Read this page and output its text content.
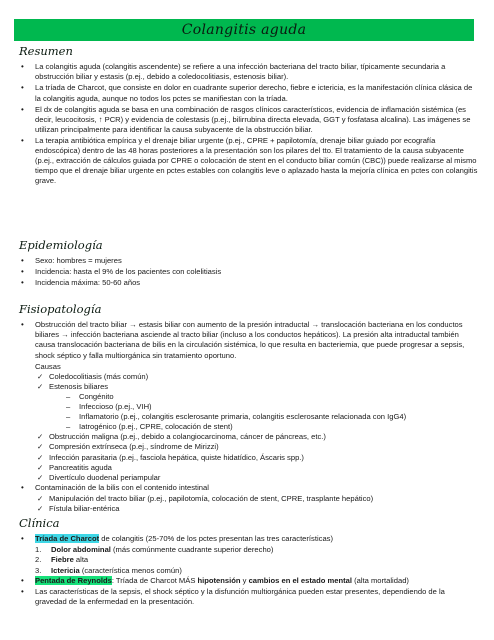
Colangitis aguda
Resumen
• La colangitis aguda (colangitis ascendente) se refiere a una infección bacteriana del tracto biliar, típicamente secundaria a obstrucción biliar y estasis (p.ej., debido a coledocolitiasis, estenosis biliar).
• La tríada de Charcot, que consiste en dolor en cuadrante superior derecho, fiebre e ictericia, es la manifestación clínica clásica de la colangitis aguda, aunque no todos los pctes se manifiestan con la tríada.
• El dx de colangitis aguda se basa en una combinación de rasgos clínicos característicos, evidencia de inflamación sistémica (es decir, leucocitosis, ↑ PCR) y evidencia de colestasis (p.ej., bilirrubina directa elevada, GGT y fosfatasa alcalina). Las imágenes se utilizan principalmente para identificar la causa subyacente de la obstrucción biliar.
• La terapia antibiótica empírica y el drenaje biliar urgente (p.ej., CPRE + papilotomía, drenaje biliar guiado por ecografía endoscópica) dentro de las 48 horas posteriores a la presentación son los pilares del tto. El tratamiento de la causa subyacente (p.ej., extracción de cálculos guiada por CPRE o colocación de stent en el conducto biliar común (CBC)) puede realizarse al mismo tiempo que el drenaje biliar urgente en pctes estables con colangitis leve o aplazado hasta la mejoría clínica en pctes con colangitis grave.
Epidemiología
• Sexo: hombres = mujeres
• Incidencia: hasta el 9% de los pacientes con colelitiasis
• Incidencia máxima: 50-60 años
Fisiopatología
• Obstrucción del tracto biliar → estasis biliar con aumento de la presión intraductal → translocación bacteriana en los conductos biliares → infección bacteriana asciende al tracto biliar (incluso a los conductos hepáticos). La presión alta intraductal también causa translocación bacteriana de bilis en la circulación sistémica, lo que resulta en bacteriemia, que puede progresar a sepsis, shock séptico y falla multiorgánica sin tratamiento oportuno.
Causas
✓ Coledocolitiasis (más común)
✓ Estenosis biliares
– Congénito
– Infeccioso (p.ej., VIH)
– Inflamatorio (p.ej., colangitis esclerosante primaria, colangitis esclerosante relacionada con IgG4)
– Iatrogénico (p.ej., CPRE, colocación de stent)
✓ Obstrucción maligna (p.ej., debido a colangiocarcinoma, cáncer de páncreas, etc.)
✓ Compresión extrínseca (p.ej., síndrome de Mirizzi)
✓ Infección parasitaria (p.ej., fasciola hepática, quiste hidatídico, Áscaris spp.)
✓ Pancreatitis aguda
✓ Divertículo duodenal periampular
• Contaminación de la bilis con el contenido intestinal
✓ Manipulación del tracto biliar (p.ej., papilotomía, colocación de stent, CPRE, trasplante hepático)
✓ Fístula biliar-entérica
Clínica
• Tríada de Charcot de colangitis (25-70% de los pctes presentan las tres características)
1. Dolor abdominal (más comúnmente cuadrante superior derecho)
2. Fiebre alta
3. Ictericia (característica menos común)
• Pentada de Reynolds: Tríada de Charcot MÁS hipotensión y cambios en el estado mental (alta mortalidad)
• Las características de la sepsis, el shock séptico y la disfunción multiorgánica pueden estar presentes, dependiendo de la gravedad de la enfermedad en la presentación.
